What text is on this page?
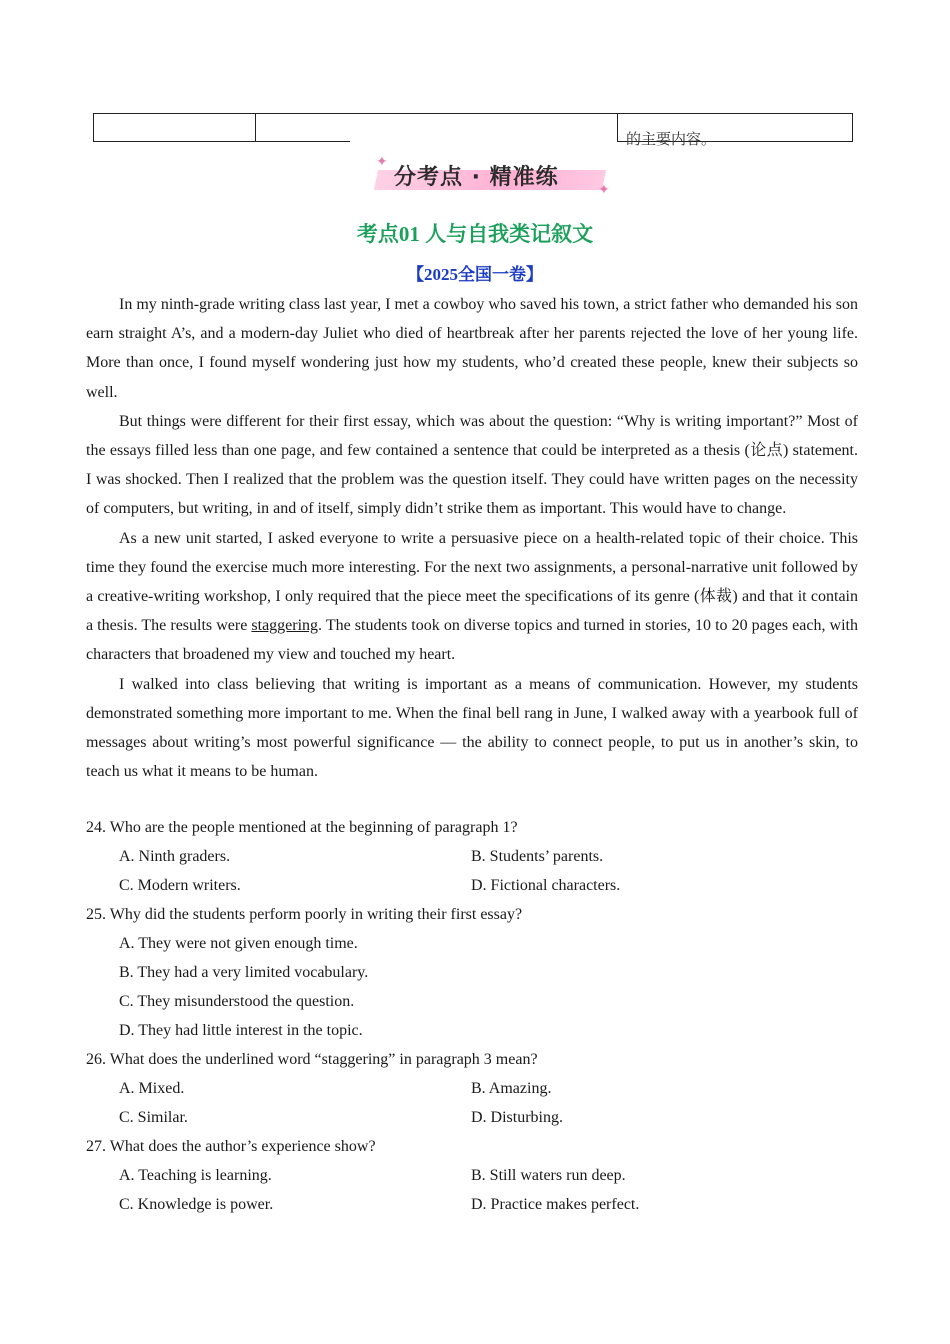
的主要内容。
✦
✦
分考点 · 精准练
考点01 人与自我类记叙文
【2025全国一卷】

In my ninth-grade writing class last year, I met a cowboy who saved his town, a strict father who demanded his son earn straight A’s, and a modern-day Juliet who died of heartbreak after her parents rejected the love of her young life. More than once, I found myself wondering just how my students, who’d created these people, knew their subjects so well.

But things were different for their first essay, which was about the question: “Why is writing important?” Most of the essays filled less than one page, and few contained a sentence that could be interpreted as a thesis (论点) statement. I was shocked. Then I realized that the problem was the question itself. They could have written pages on the necessity of computers, but writing, in and of itself, simply didn’t strike them as important. This would have to change.

As a new unit started, I asked everyone to write a persuasive piece on a health-related topic of their choice. This time they found the exercise much more interesting. For the next two assignments, a personal-narrative unit followed by a creative-writing workshop, I only required that the piece meet the specifications of its genre (体裁) and that it contain a thesis. The results were staggering. The students took on diverse topics and turned in stories, 10 to 20 pages each, with characters that broadened my view and touched my heart.

I walked into class believing that writing is important as a means of communication. However, my students demonstrated something more important to me. When the final bell rang in June, I walked away with a yearbook full of messages about writing’s most powerful significance — the ability to connect people, to put us in another’s skin, to teach us what it means to be human.

24. Who are the people mentioned at the beginning of paragraph 1?
A. Ninth graders.	B. Students’ parents.
C. Modern writers.	D. Fictional characters.
25. Why did the students perform poorly in writing their first essay?
A. They were not given enough time.
B. They had a very limited vocabulary.
C. They misunderstood the question.
D. They had little interest in the topic.
26. What does the underlined word “staggering” in paragraph 3 mean?
A. Mixed.	B. Amazing.
C. Similar.	D. Disturbing.
27. What does the author’s experience show?
A. Teaching is learning.	B. Still waters run deep.
C. Knowledge is power.	D. Practice makes perfect.
